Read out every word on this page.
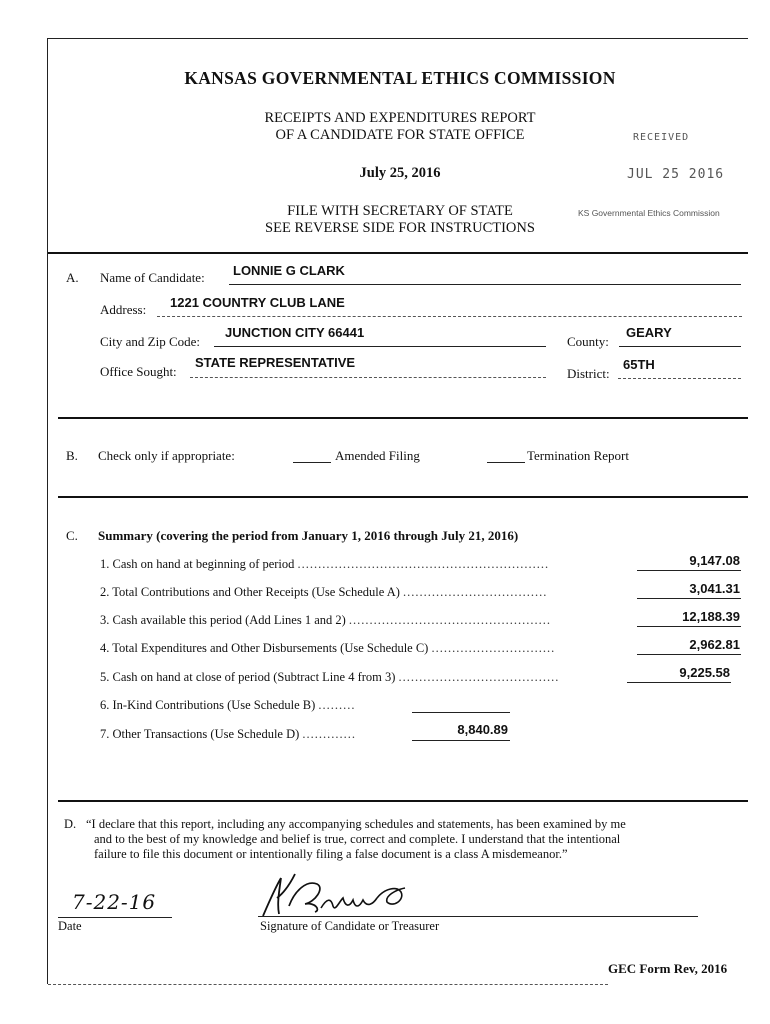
KANSAS GOVERNMENTAL ETHICS COMMISSION
RECEIPTS AND EXPENDITURES REPORT
OF A CANDIDATE FOR STATE OFFICE
July 25, 2016
FILE WITH SECRETARY OF STATE
SEE REVERSE SIDE FOR INSTRUCTIONS
RECEIVED
JUL 25 2016
KS Governmental Ethics Commission
A. Name of Candidate: LONNIE G CLARK
Address: 1221 COUNTRY CLUB LANE
City and Zip Code:
JUNCTION CITY 66441
County:
GEARY
Office Sought:
STATE REPRESENTATIVE
District:
65TH
B. Check only if appropriate:	Amended Filing	Termination Report
C. Summary (covering the period from January 1, 2016 through July 21, 2016)
1. Cash on hand at beginning of period .............................................................	9,147.08
2. Total Contributions and Other Receipts (Use Schedule A) ...................................	3,041.31
3. Cash available this period (Add Lines 1 and 2) .................................................	12,188.39
4. Total Expenditures and Other Disbursements (Use Schedule C) ..............................	2,962.81
5. Cash on hand at close of period (Subtract Line 4 from 3) .......................................	9,225.58
6. In-Kind Contributions (Use Schedule B) .........
7. Other Transactions (Use Schedule D) .............	8,840.89
D. “I declare that this report, including any accompanying schedules and statements, has been examined by me
and to the best of my knowledge and belief is true, correct and complete. I understand that the intentional
failure to file this document or intentionally filing a false document is a class A misdemeanor.”
7-22-16
Date	Signature of Candidate or Treasurer
GEC Form Rev, 2016
